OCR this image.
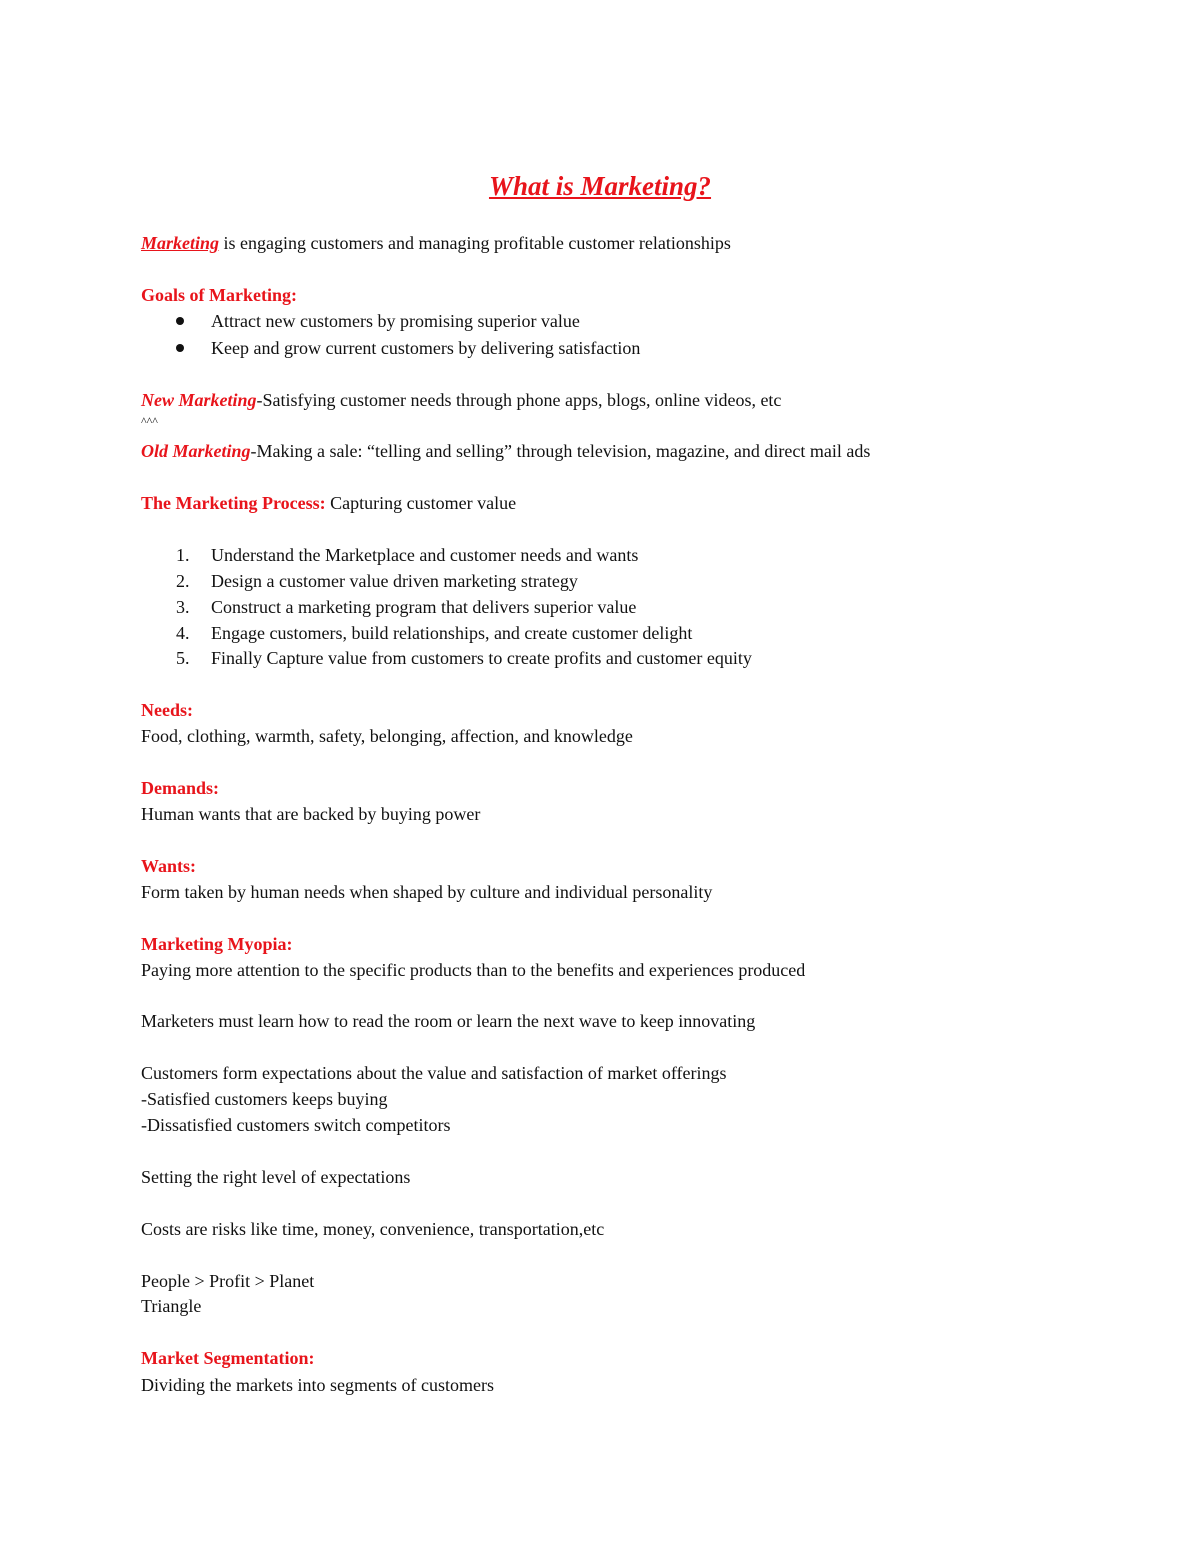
What is Marketing?
Marketing is engaging customers and managing profitable customer relationships
Goals of Marketing:
Attract new customers by promising superior value
Keep and grow current customers by delivering satisfaction
New Marketing-Satisfying customer needs through phone apps, blogs, online videos, etc
^^^
Old Marketing-Making a sale: “telling and selling” through television, magazine, and direct mail ads
The Marketing Process: Capturing customer value
1. Understand the Marketplace and customer needs and wants
2. Design a customer value driven marketing strategy
3. Construct a marketing program that delivers superior value
4. Engage customers, build relationships, and create customer delight
5. Finally Capture value from customers to create profits and customer equity
Needs:
Food, clothing, warmth, safety, belonging, affection, and knowledge
Demands:
Human wants that are backed by buying power
Wants:
Form taken by human needs when shaped by culture and individual personality
Marketing Myopia:
Paying more attention to the specific products than to the benefits and experiences produced
Marketers must learn how to read the room or learn the next wave to keep innovating
Customers form expectations about the value and satisfaction of market offerings
-Satisfied customers keeps buying
-Dissatisfied customers switch competitors
Setting the right level of expectations
Costs are risks like time, money, convenience, transportation,etc
People > Profit > Planet
Triangle
Market Segmentation:
Dividing the markets into segments of customers
